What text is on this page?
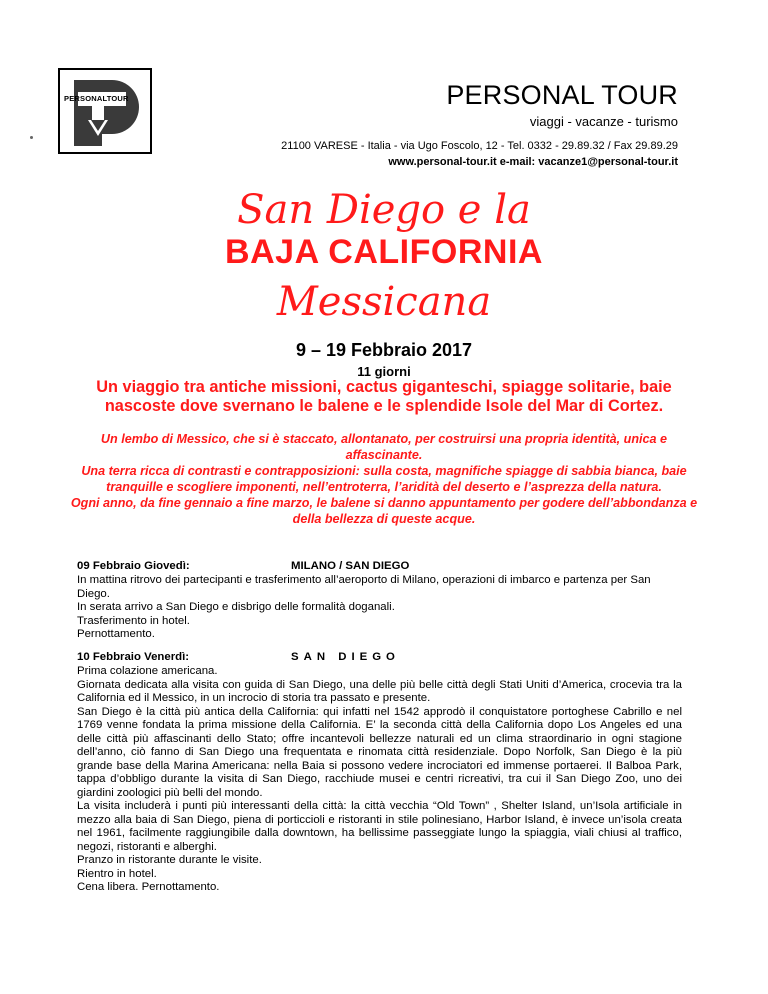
PERSONALTOUR	PERSONAL TOUR
viaggi - vacanze - turismo
21100 VARESE - Italia - via Ugo Foscolo, 12 - Tel. 0332 - 29.89.32 / Fax 29.89.29
www.personal-tour.it e-mail: vacanze1@personal-tour.it
San Diego e la
BAJA CALIFORNIA
Messicana
9 – 19 Febbraio 2017
11 giorni
Un viaggio tra antiche missioni, cactus giganteschi, spiagge solitarie, baie nascoste dove svernano le balene e le splendide Isole del Mar di Cortez.

Un lembo di Messico, che si è staccato, allontanato, per costruirsi una propria identità, unica e affascinante.

Una terra ricca di contrasti e contrapposizioni: sulla costa, magnifiche spiagge di sabbia bianca, baie tranquille e scogliere imponenti, nell’entroterra, l’aridità del deserto e l’asprezza della natura.

Ogni anno, da fine gennaio a fine marzo, le balene si danno appuntamento per godere dell’abbondanza e della bellezza di queste acque.

09 Febbraio Giovedì:	MILANO / SAN DIEGO

In mattina ritrovo dei partecipanti e trasferimento all’aeroporto di Milano, operazioni di imbarco e partenza per San Diego.

In serata arrivo a San Diego e disbrigo delle formalità doganali.

Trasferimento in hotel.

Pernottamento.

10 Febbraio Venerdì:	SAN DIEGO

Prima colazione americana.

Giornata dedicata alla visita con guida di San Diego, una delle più belle città degli Stati Uniti d’America, crocevia tra la California ed il Messico, in un incrocio di storia tra passato e presente.

San Diego è la città più antica della California: qui infatti nel 1542 approdò il conquistatore portoghese Cabrillo e nel 1769 venne fondata la prima missione della California. E’ la seconda città della California dopo Los Angeles ed una delle città più affascinanti dello Stato; offre incantevoli bellezze naturali ed un clima straordinario in ogni stagione dell’anno, ciò fanno di San Diego una frequentata e rinomata città residenziale. Dopo Norfolk, San Diego è la più grande base della Marina Americana: nella Baia si possono vedere incrociatori ed immense portaerei. Il Balboa Park, tappa d’obbligo durante la visita di San Diego, racchiude musei e centri ricreativi, tra cui il San Diego Zoo, uno dei giardini zoologici più belli del mondo.

La visita includerà i punti più interessanti della città: la città vecchia “Old Town” , Shelter Island, un’Isola artificiale in mezzo alla baia di San Diego, piena di porticcioli e ristoranti in stile polinesiano, Harbor Island, è invece un’isola creata nel 1961, facilmente raggiungibile dalla downtown, ha bellissime passeggiate lungo la spiaggia, viali chiusi al traffico, negozi, ristoranti e alberghi.

Pranzo in ristorante durante le visite.

Rientro in hotel.

Cena libera. Pernottamento.
